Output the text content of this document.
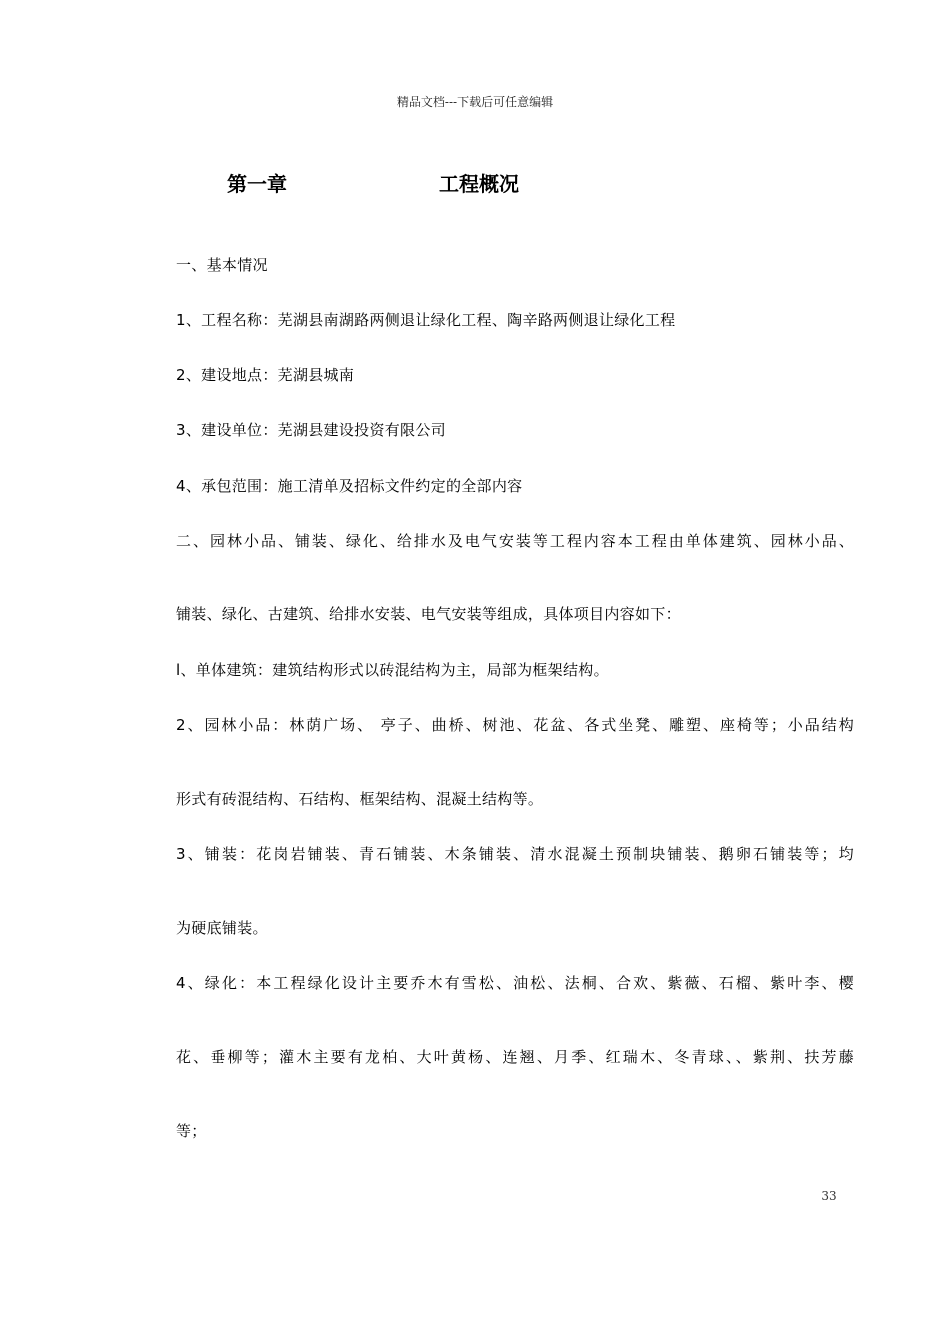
精品文档---下载后可任意编辑
第一章	工程概况
一、基本情况
1、工程名称：芜湖县南湖路两侧退让绿化工程、陶辛路两侧退让绿化工程
2、建设地点：芜湖县城南
3、建设单位：芜湖县建设投资有限公司
4、承包范围：施工清单及招标文件约定的全部内容
二、园林小品、铺装、绿化、给排水及电气安装等工程内容本工程由单体建筑、园林小品、
铺装、绿化、古建筑、给排水安装、电气安装等组成，具体项目内容如下：
l、单体建筑：建筑结构形式以砖混结构为主，局部为框架结构。
2、园林小品：林荫广场、 亭子、曲桥、树池、花盆、各式坐凳、雕塑、座椅等；小品结构
形式有砖混结构、石结构、框架结构、混凝土结构等。
3、铺装：花岗岩铺装、青石铺装、木条铺装、清水混凝土预制块铺装、鹅卵石铺装等；均
为硬底铺装。
4、绿化：本工程绿化设计主要乔木有雪松、油松、法桐、合欢、紫薇、石榴、紫叶李、樱
花、垂柳等；灌木主要有龙柏、大叶黄杨、连翘、月季、红瑞木、冬青球、、紫荆、扶芳藤
等；
33
